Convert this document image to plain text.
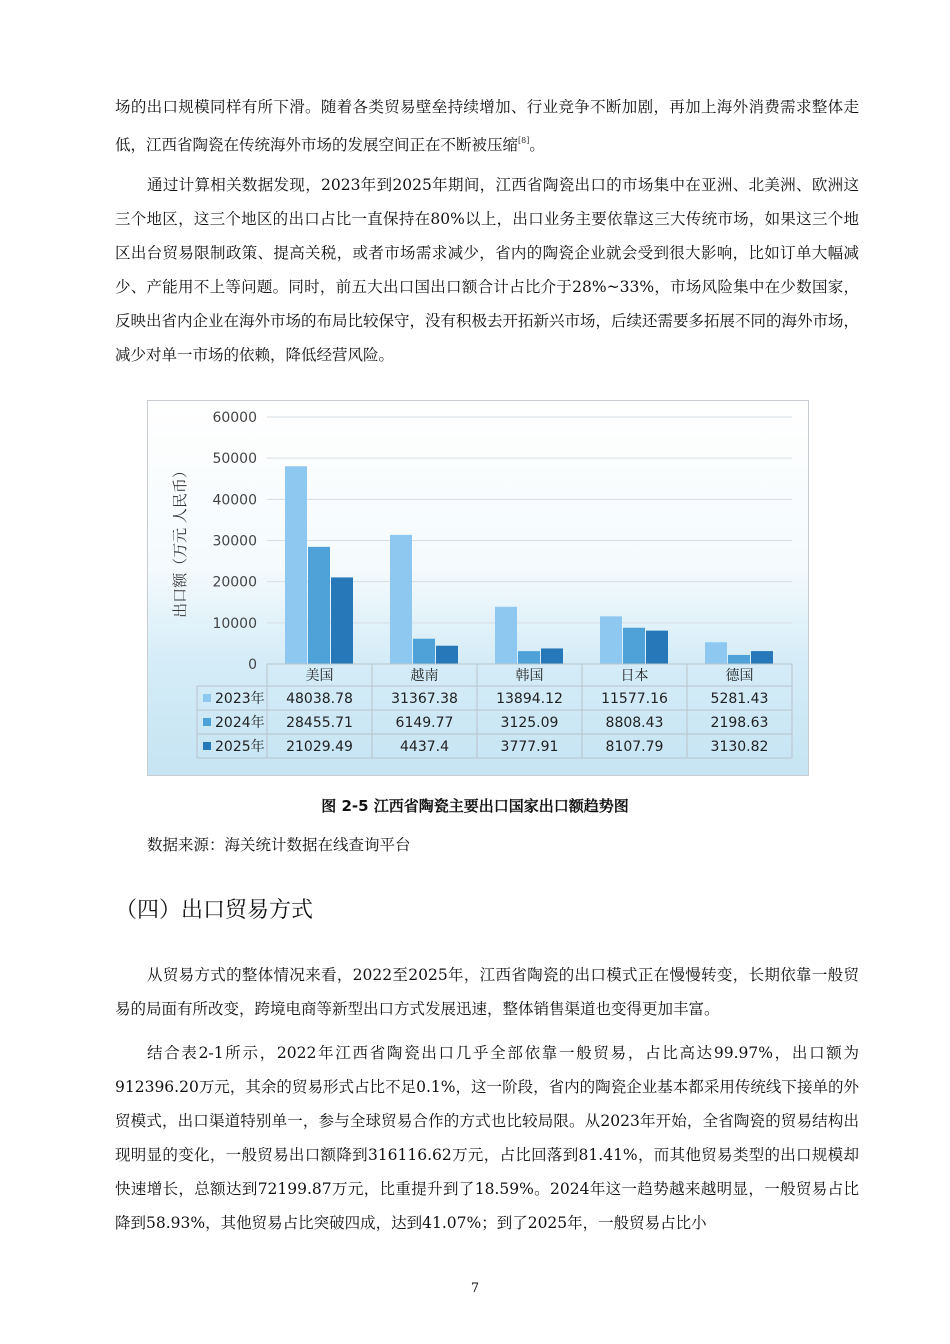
场的出口规模同样有所下滑。随着各类贸易壁垒持续增加、行业竞争不断加剧，再加上海外消费需求整体走低，江西省陶瓷在传统海外市场的发展空间正在不断被压缩[8]。

通过计算相关数据发现，2023年到2025年期间，江西省陶瓷出口的市场集中在亚洲、北美洲、欧洲这三个地区，这三个地区的出口占比一直保持在80%以上，出口业务主要依靠这三大传统市场，如果这三个地区出台贸易限制政策、提高关税，或者市场需求减少，省内的陶瓷企业就会受到很大影响，比如订单大幅减少、产能用不上等问题。同时，前五大出口国出口额合计占比介于28%~33%，市场风险集中在少数国家，反映出省内企业在海外市场的布局比较保守，没有积极去开拓新兴市场，后续还需要多拓展不同的海外市场，减少对单一市场的依赖，降低经营风险。

0
10000
20000
30000
40000
50000
60000
出口额（万元 人民币）
美国	越南	韩国	日本	德国
2023年 48038.78	31367.38	13894.12	11577.16	5281.43
2024年 28455.71	6149.77	3125.09	8808.43	2198.63
2025年 21029.49	4437.4	3777.91	8107.79	3130.82
图 2-5 江西省陶瓷主要出口国家出口额趋势图
数据来源：海关统计数据在线查询平台
（四）出口贸易方式

从贸易方式的整体情况来看，2022至2025年，江西省陶瓷的出口模式正在慢慢转变，长期依靠一般贸易的局面有所改变，跨境电商等新型出口方式发展迅速，整体销售渠道也变得更加丰富。

结合表2-1所示，2022年江西省陶瓷出口几乎全部依靠一般贸易，占比高达99.97%，出口额为912396.20万元，其余的贸易形式占比不足0.1%，这一阶段，省内的陶瓷企业基本都采用传统线下接单的外贸模式，出口渠道特别单一，参与全球贸易合作的方式也比较局限。从2023年开始，全省陶瓷的贸易结构出现明显的变化，一般贸易出口额降到316116.62万元，占比回落到81.41%，而其他贸易类型的出口规模却快速增长，总额达到72199.87万元，比重提升到了18.59%。2024年这一趋势越来越明显，一般贸易占比降到58.93%，其他贸易占比突破四成，达到41.07%；到了2025年，一般贸易占比小

7
